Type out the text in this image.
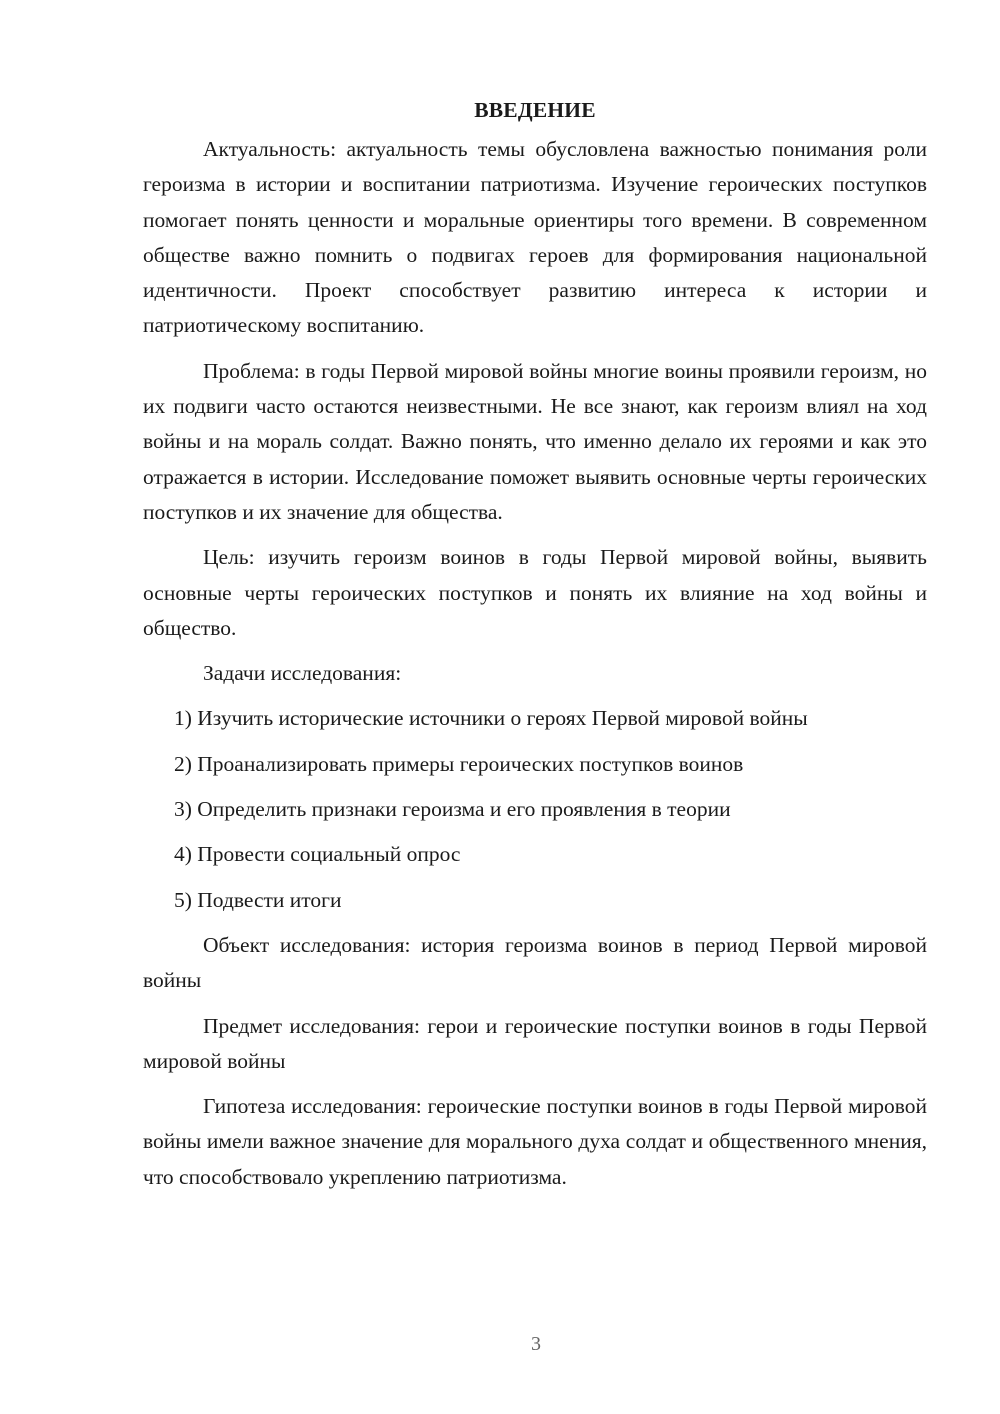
ВВЕДЕНИЕ

Актуальность: актуальность темы обусловлена важностью понимания роли героизма в истории и воспитании патриотизма. Изучение героических поступков помогает понять ценности и моральные ориентиры того времени. В современном обществе важно помнить о подвигах героев для формирования национальной идентичности. Проект способствует развитию интереса к истории и патриотическому воспитанию.

Проблема: в годы Первой мировой войны многие воины проявили героизм, но их подвиги часто остаются неизвестными. Не все знают, как героизм влиял на ход войны и на мораль солдат. Важно понять, что именно делало их героями и как это отражается в истории. Исследование поможет выявить основные черты героических поступков и их значение для общества.

Цель: изучить героизм воинов в годы Первой мировой войны, выявить основные черты героических поступков и понять их влияние на ход войны и общество.

Задачи исследования:

1) Изучить исторические источники о героях Первой мировой войны
2) Проанализировать примеры героических поступков воинов
3) Определить признаки героизма и его проявления в теории
4) Провести социальный опрос
5) Подвести итоги

Объект исследования: история героизма воинов в период Первой мировой войны

Предмет исследования: герои и героические поступки воинов в годы Первой мировой войны

Гипотеза исследования: героические поступки воинов в годы Первой мировой войны имели важное значение для морального духа солдат и общественного мнения, что способствовало укреплению патриотизма.

3
